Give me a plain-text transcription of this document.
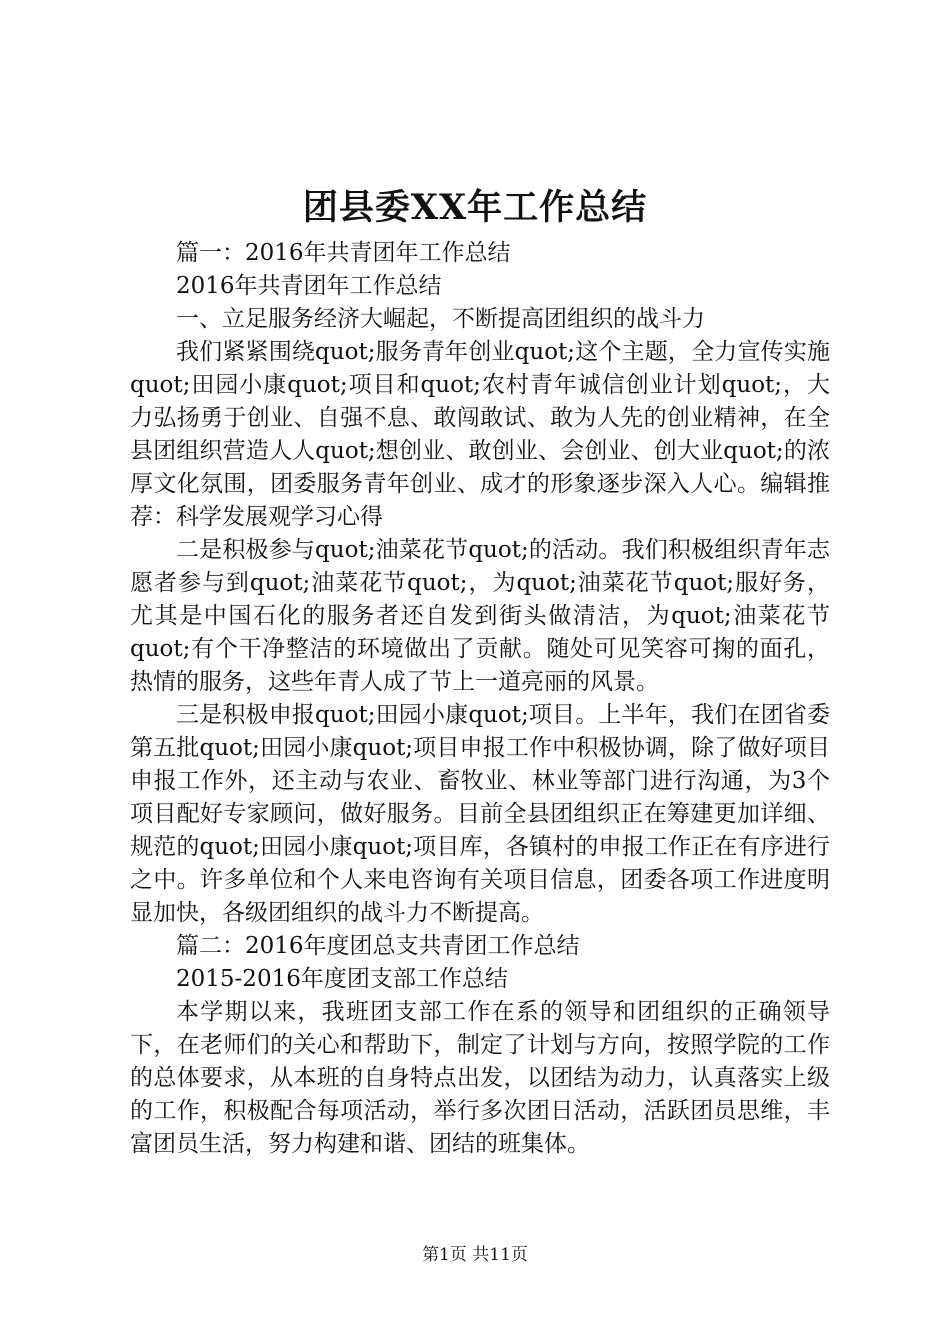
团县委XX年工作总结

篇一：2016年共青团年工作总结

2016年共青团年工作总结

一、立足服务经济大崛起，不断提高团组织的战斗力

我们紧紧围绕quot;服务青年创业quot;这个主题，全力宣传实施quot;田园小康quot;项目和quot;农村青年诚信创业计划quot;，大力弘扬勇于创业、自强不息、敢闯敢试、敢为人先的创业精神，在全县团组织营造人人quot;想创业、敢创业、会创业、创大业quot;的浓厚文化氛围，团委服务青年创业、成才的形象逐步深入人心。编辑推荐：科学发展观学习心得

二是积极参与quot;油菜花节quot;的活动。我们积极组织青年志愿者参与到quot;油菜花节quot;，为quot;油菜花节quot;服好务，尤其是中国石化的服务者还自发到街头做清洁，为quot;油菜花节quot;有个干净整洁的环境做出了贡献。随处可见笑容可掬的面孔，热情的服务，这些年青人成了节上一道亮丽的风景。

三是积极申报quot;田园小康quot;项目。上半年，我们在团省委第五批quot;田园小康quot;项目申报工作中积极协调，除了做好项目申报工作外，还主动与农业、畜牧业、林业等部门进行沟通，为3个项目配好专家顾问，做好服务。目前全县团组织正在筹建更加详细、规范的quot;田园小康quot;项目库，各镇村的申报工作正在有序进行之中。许多单位和个人来电咨询有关项目信息，团委各项工作进度明显加快，各级团组织的战斗力不断提高。

篇二：2016年度团总支共青团工作总结

2015-2016年度团支部工作总结

本学期以来，我班团支部工作在系的领导和团组织的正确领导下，在老师们的关心和帮助下，制定了计划与方向，按照学院的工作的总体要求，从本班的自身特点出发，以团结为动力，认真落实上级的工作，积极配合每项活动，举行多次团日活动，活跃团员思维，丰富团员生活，努力构建和谐、团结的班集体。

第1页 共11页
